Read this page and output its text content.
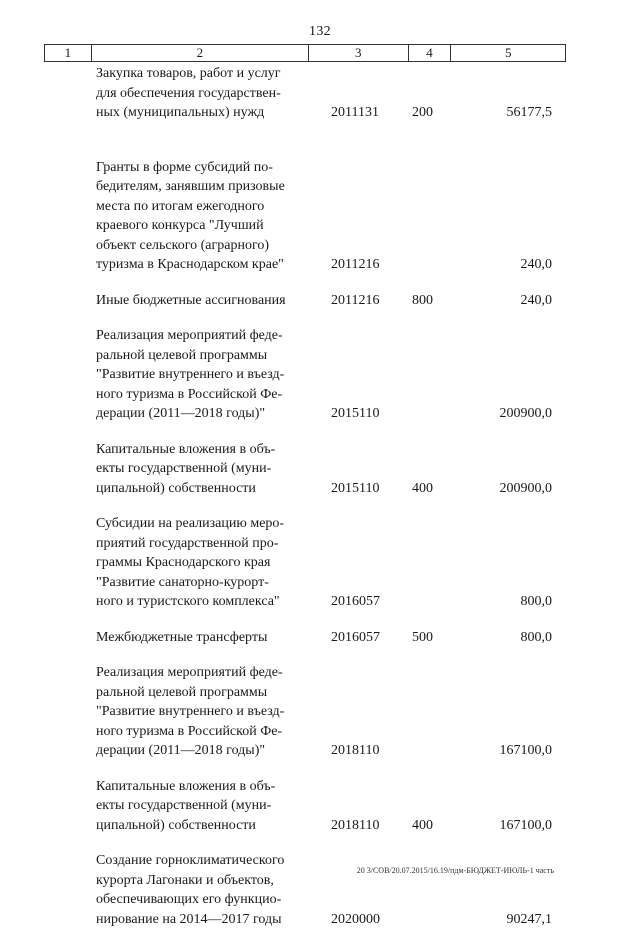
132
1	2	3	4	5
Закупка товаров, работ и услуг
для обеспечения государствен-
ных (муниципальных) нужд	2011131 200	56177,5
Гранты в форме субсидий по-
бедителям, занявшим призовые
места по итогам ежегодного
краевого конкурса "Лучший
объект сельского (аграрного)
туризма в Краснодарском крае"	2011216	240,0
Иные бюджетные ассигнования	2011216 800	240,0
Реализация мероприятий феде-
ральной целевой программы
"Развитие внутреннего и въезд-
ного туризма в Российской Фе-
дерации (2011—2018 годы)"	2015110	200900,0
Капитальные вложения в объ-
екты государственной (муни-
ципальной) собственности	2015110 400	200900,0
Субсидии на реализацию меро-
приятий государственной про-
граммы Краснодарского края
"Развитие санаторно-курорт-
ного и туристского комплекса"	2016057	800,0
Межбюджетные трансферты	2016057 500	800,0
Реализация мероприятий феде-
ральной целевой программы
"Развитие внутреннего и въезд-
ного туризма в Российской Фе-
дерации (2011—2018 годы)"	2018110	167100,0
Капитальные вложения в объ-
екты государственной (муни-
ципальной) собственности	2018110 400	167100,0
Создание горноклиматического
курорта Лагонаки и объектов,
обеспечивающих его функцио-
нирование на 2014—2017 годы	2020000	90247,1
20 3/СОВ/20.07.2015/16.19/пдм-БЮДЖЕТ-ИЮЛЬ-1 часть
